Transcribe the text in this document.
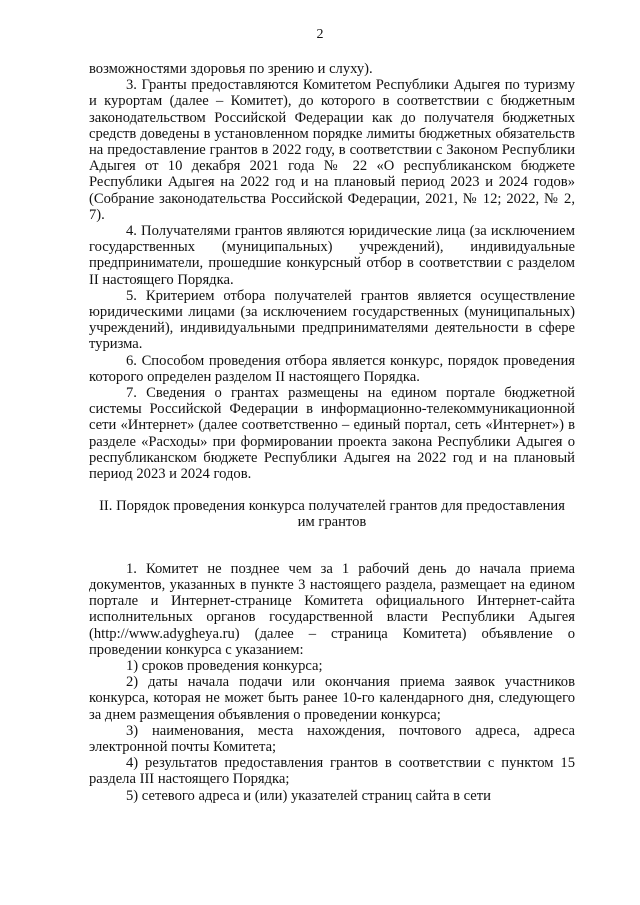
2

возможностями здоровья по зрению и слуху).

3. Гранты предоставляются Комитетом Республики Адыгея по туризму и курортам (далее – Комитет), до которого в соответствии с бюджетным законодательством Российской Федерации как до получателя бюджетных средств доведены в установленном порядке лимиты бюджетных обязательств на предоставление грантов в 2022 году, в соответствии с Законом Республики Адыгея от 10 декабря 2021 года № 22 «О республиканском бюджете Республики Адыгея на 2022 год и на плановый период 2023 и 2024 годов» (Собрание законодательства Российской Федерации, 2021, № 12; 2022, № 2, 7).

4. Получателями грантов являются юридические лица (за исключением государственных (муниципальных) учреждений), индивидуальные предприниматели, прошедшие конкурсный отбор в соответствии с разделом II настоящего Порядка.

5. Критерием отбора получателей грантов является осуществление юридическими лицами (за исключением государственных (муниципальных) учреждений), индивидуальными предпринимателями деятельности в сфере туризма.

6. Способом проведения отбора является конкурс, порядок проведения которого определен разделом II настоящего Порядка.

7. Сведения о грантах размещены на едином портале бюджетной системы Российской Федерации в информационно-телекоммуникационной сети «Интернет» (далее соответственно – единый портал, сеть «Интернет») в разделе «Расходы» при формировании проекта закона Республики Адыгея о республиканском бюджете Республики Адыгея на 2022 год и на плановый период 2023 и 2024 годов.

II. Порядок проведения конкурса получателей грантов для предоставления
им грантов

1. Комитет не позднее чем за 1 рабочий день до начала приема документов, указанных в пункте 3 настоящего раздела, размещает на едином портале и Интернет-странице Комитета официального Интернет-сайта исполнительных органов государственной власти Республики Адыгея (http://www.adygheya.ru) (далее – страница Комитета) объявление о проведении конкурса с указанием:

1) сроков проведения конкурса;

2) даты начала подачи или окончания приема заявок участников конкурса, которая не может быть ранее 10-го календарного дня, следующего за днем размещения объявления о проведении конкурса;

3) наименования, места нахождения, почтового адреса, адреса электронной почты Комитета;

4) результатов предоставления грантов в соответствии с пунктом 15 раздела III настоящего Порядка;

5) сетевого адреса и (или) указателей страниц сайта в сети
